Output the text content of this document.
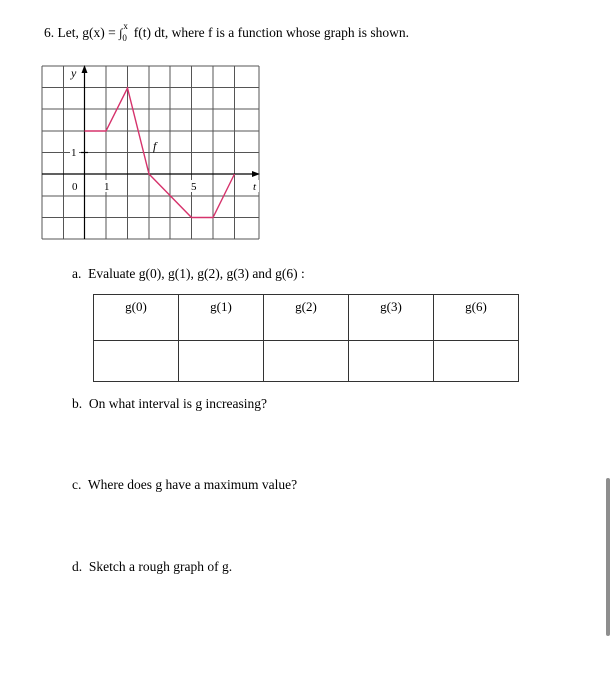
6. Let, g(x) = ∫
x
0 f(t) dt, where f is a function whose graph is shown.
y
f
1
0 1	5	t
a. Evaluate g(0), g(1), g(2), g(3) and g(6) :
g(0)	g(1)	g(2)	g(3)	g(6)

b. On what interval is g increasing?
c. Where does g have a maximum value?
d. Sketch a rough graph of g.
